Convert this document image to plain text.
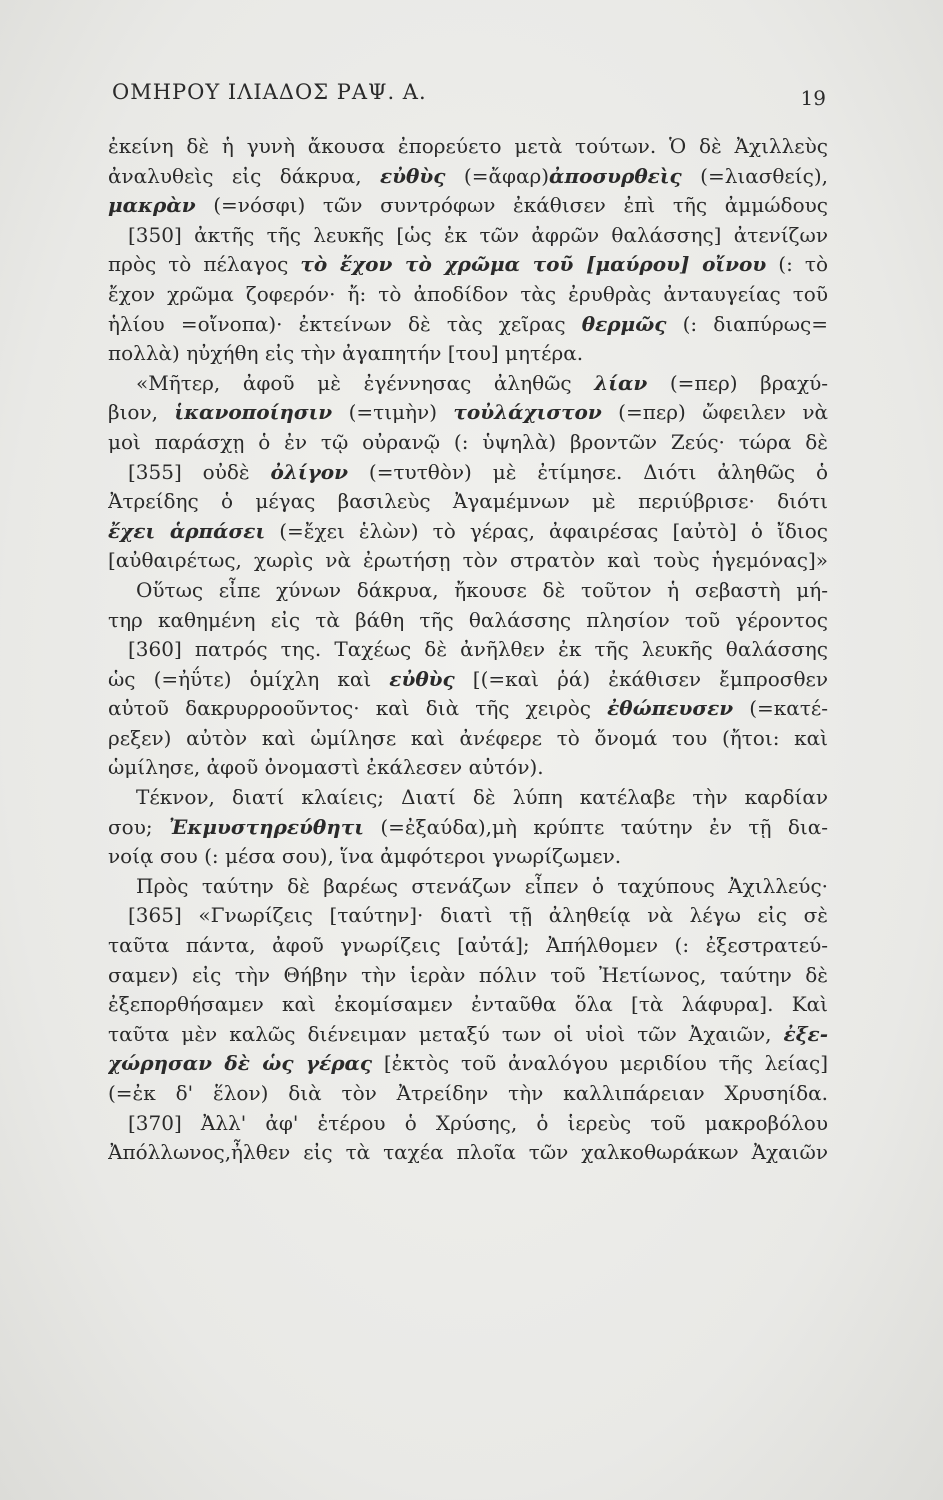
ΟΜΗΡΟΥ ΙΛΙΑΔΟΣ ΡΑΨ. Α.	19
ἐκείνη δὲ ἡ γυνὴ ἄκουσα ἐπορεύετο μετὰ τούτων. Ὁ δὲ Ἀχιλλεὺς
ἀναλυθεὶς εἰς δάκρυα, εὐθὺς (=ἄφαρ)ἀποσυρθεὶς (=λιασθείς),
μακρὰν (=νόσφι) τῶν συντρόφων ἐκάθισεν ἐπὶ τῆς ἀμμώδους
[350] ἀκτῆς τῆς λευκῆς [ὡς ἐκ τῶν ἀφρῶν θαλάσσης] ἀτενίζων
πρὸς τὸ πέλαγος τὸ ἔχον τὸ χρῶμα τοῦ [μαύρου] οἴνου (: τὸ
ἔχον χρῶμα ζοφερόν· ἤ: τὸ ἀποδίδον τὰς ἐρυθρὰς ἀνταυγείας τοῦ
ἡλίου =οἴνοπα)· ἐκτείνων δὲ τὰς χεῖρας θερμῶς (: διαπύρως=
πολλὰ) ηὐχήθη εἰς τὴν ἀγαπητήν [του] μητέρα.
«Μῆτερ, ἀφοῦ μὲ ἐγέννησας ἀληθῶς λίαν (=περ) βραχύ-
βιον, ἱκανοποίησιν (=τιμὴν) τοὐλάχιστον (=περ) ὤφειλεν νὰ
μοὶ παράσχῃ ὁ ἐν τῷ οὐρανῷ (: ὑψηλὰ) βροντῶν Ζεύς· τώρα δὲ
[355] οὐδὲ ὀλίγον (=τυτθὸν) μὲ ἐτίμησε. Διότι ἀληθῶς ὁ
Ἀτρείδης ὁ μέγας βασιλεὺς Ἀγαμέμνων μὲ περιύβρισε· διότι
ἔχει ἁρπάσει (=ἔχει ἑλὼν) τὸ γέρας, ἀφαιρέσας [αὐτὸ] ὁ ἴδιος
[αὐθαιρέτως, χωρὶς νὰ ἐρωτήσῃ τὸν στρατὸν καὶ τοὺς ἡγεμόνας]»
Οὕτως εἶπε χύνων δάκρυα, ἤκουσε δὲ τοῦτον ἡ σεβαστὴ μή-
τηρ καθημένη εἰς τὰ βάθη τῆς θαλάσσης πλησίον τοῦ γέροντος
[360] πατρός της. Ταχέως δὲ ἀνῆλθεν ἐκ τῆς λευκῆς θαλάσσης
ὡς (=ἠΰτε) ὁμίχλη καὶ εὐθὺς [(=καὶ ῥά) ἐκάθισεν ἔμπροσθεν
αὐτοῦ δακρυρροοῦντος· καὶ διὰ τῆς χειρὸς ἐθώπευσεν (=κατέ-
ρεξεν) αὐτὸν καὶ ὡμίλησε καὶ ἀνέφερε τὸ ὄνομά του (ἤτοι: καὶ
ὡμίλησε, ἀφοῦ ὀνομαστὶ ἐκάλεσεν αὐτόν).
Τέκνον, διατί κλαίεις; Διατί δὲ λύπη κατέλαβε τὴν καρδίαν
σου; Ἐκμυστηρεύθητι (=ἐξαύδα),μὴ κρύπτε ταύτην ἐν τῇ δια-
νοίᾳ σου (: μέσα σου), ἵνα ἀμφότεροι γνωρίζωμεν.
Πρὸς ταύτην δὲ βαρέως στενάζων εἶπεν ὁ ταχύπους Ἀχιλλεύς·
[365] «Γνωρίζεις [ταύτην]· διατὶ τῇ ἀληθείᾳ νὰ λέγω εἰς σὲ
ταῦτα πάντα, ἀφοῦ γνωρίζεις [αὐτά]; Ἀπήλθομεν (: ἐξεστρατεύ-
σαμεν) εἰς τὴν Θήβην τὴν ἱερὰν πόλιν τοῦ Ἠετίωνος, ταύτην δὲ
ἐξεπορθήσαμεν καὶ ἐκομίσαμεν ἐνταῦθα ὅλα [τὰ λάφυρα]. Καὶ
ταῦτα μὲν καλῶς διένειμαν μεταξύ των οἱ υἱοὶ τῶν Ἀχαιῶν, ἐξε-
χώρησαν δὲ ὡς γέρας [ἐκτὸς τοῦ ἀναλόγου μεριδίου τῆς λείας]
(=ἐκ δ' ἕλον) διὰ τὸν Ἀτρείδην τὴν καλλιπάρειαν Χρυσηίδα.
[370] Ἀλλ' ἀφ' ἑτέρου ὁ Χρύσης, ὁ ἱερεὺς τοῦ μακροβόλου
Ἀπόλλωνος,ἦλθεν εἰς τὰ ταχέα πλοῖα τῶν χαλκοθωράκων Ἀχαιῶν
